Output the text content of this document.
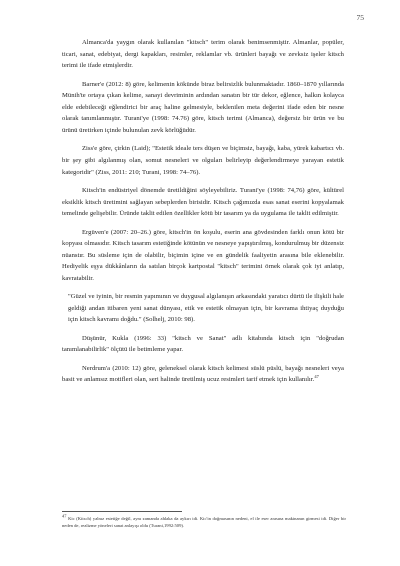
75

Almanca'da yaygın olarak kullanılan "kitsch" terim olarak benimsenmiştir. Almanlar, popüler, ticari, sanat, edebiyat, dergi kapakları, resimler, reklamlar vb. ürünleri bayağı ve zevksiz işeler kitsch terimi ile ifade etmişlerdir.

Barner'e (2012: 8) göre, kelimenin kökünde biraz belirsizlik bulunmaktadır. 1860–1870 yıllarında Münih'te ortaya çıkan kelime, sanayi devriminin ardından sanatın bir tür dekor, eğlence, halkın kolayca elde edebileceği eğlendirici bir araç haline gelmesiyle, beklenilen meta değerini ifade eden bir nesne olarak tanımlanmıştır. Turani'ye (1998: 74.76) göre, kitsch terimi (Almanca), değersiz bir ürün ve bu ürünü üretirken içinde bulunulan zevk körlüğüdür.

Ziss'e göre, çirkin (Laid); "Estetik ideale ters düşen ve biçimsiz, bayağı, kaba, yürek kabartıcı vb. bir şey gibi algılanmış olan, somut nesneleri ve olguları belirleyip değerlendirmeye yarayan estetik kategoridir" (Ziss, 2011: 210; Turani, 1998: 74–76).

Kitsch'in endüstriyel dönemde üretildiğini söyleyebiliriz. Turani'ye (1998: 74,76) göre, kültürel eksiklik kitsch üretimini sağlayan sebeplerden birisidir. Kitsch çağımızda esas sanat eserini kopyalamak temelinde gelişebilir. Üründe taklit edilen özellikler kötü bir tasarım ya da uygulama ile taklit edilmiştir.

Ergüven'e (2007: 20–26.) göre, kitsch'in ön koşulu, eserin ana gövdesinden farklı onun kötü bir kopyası olmasıdır. Kitsch tasarım estetiğinde kötünün ve nesneye yapıştırılmış, kondurulmuş bir düzensiz nüanstır. Bu süsleme için de olabilir, biçimin içine ve en gündelik faaliyetin arasına bile eklenebilir. Hediyelik eşya dükkânların da satılan birçok kartpostal "kitsch" terimini örnek olarak çok iyi anlatıp, kavratabilir.

"Güzel ve iyinin, bir resmin yapımının ve duygusal algılanışın arkasındaki yaratıcı dürtü ile ilişkili hale geldiği andan itibaren yeni sanat dünyası, etik ve estetik olmayan için, bir kavrama ihtiyaç duyduğu için kitsch kavramı doğdu." (Solhelj, 2010: 98).

Düşünür, Kukla (1996: 33) "kitsch ve Sanat" adlı kitabında kitsch için "doğrudan tanımlanabilirlik" ölçütü ile betimleme yapar.

Nerdrum'a (2010: 12) göre, geleneksel olarak kitsch kelimesi süslü püslü, bayağı nesneleri veya basit ve anlamsız motifleri olan, seri halinde üretilmiş ucuz resimleri tarif etmek için kullanılır.$^{47}$

$^{47}$ Kic (Kitsch) yalnız estetiğe değil, aynı zamanda ahlaka da aykırı idi. Kic'in doğmasının nedeni, el ile eser arasına makinanın girmesi idi. Diğer bir neden de, realizme yöneleri sanat anlayışı oldu (Turani,1992:509).
